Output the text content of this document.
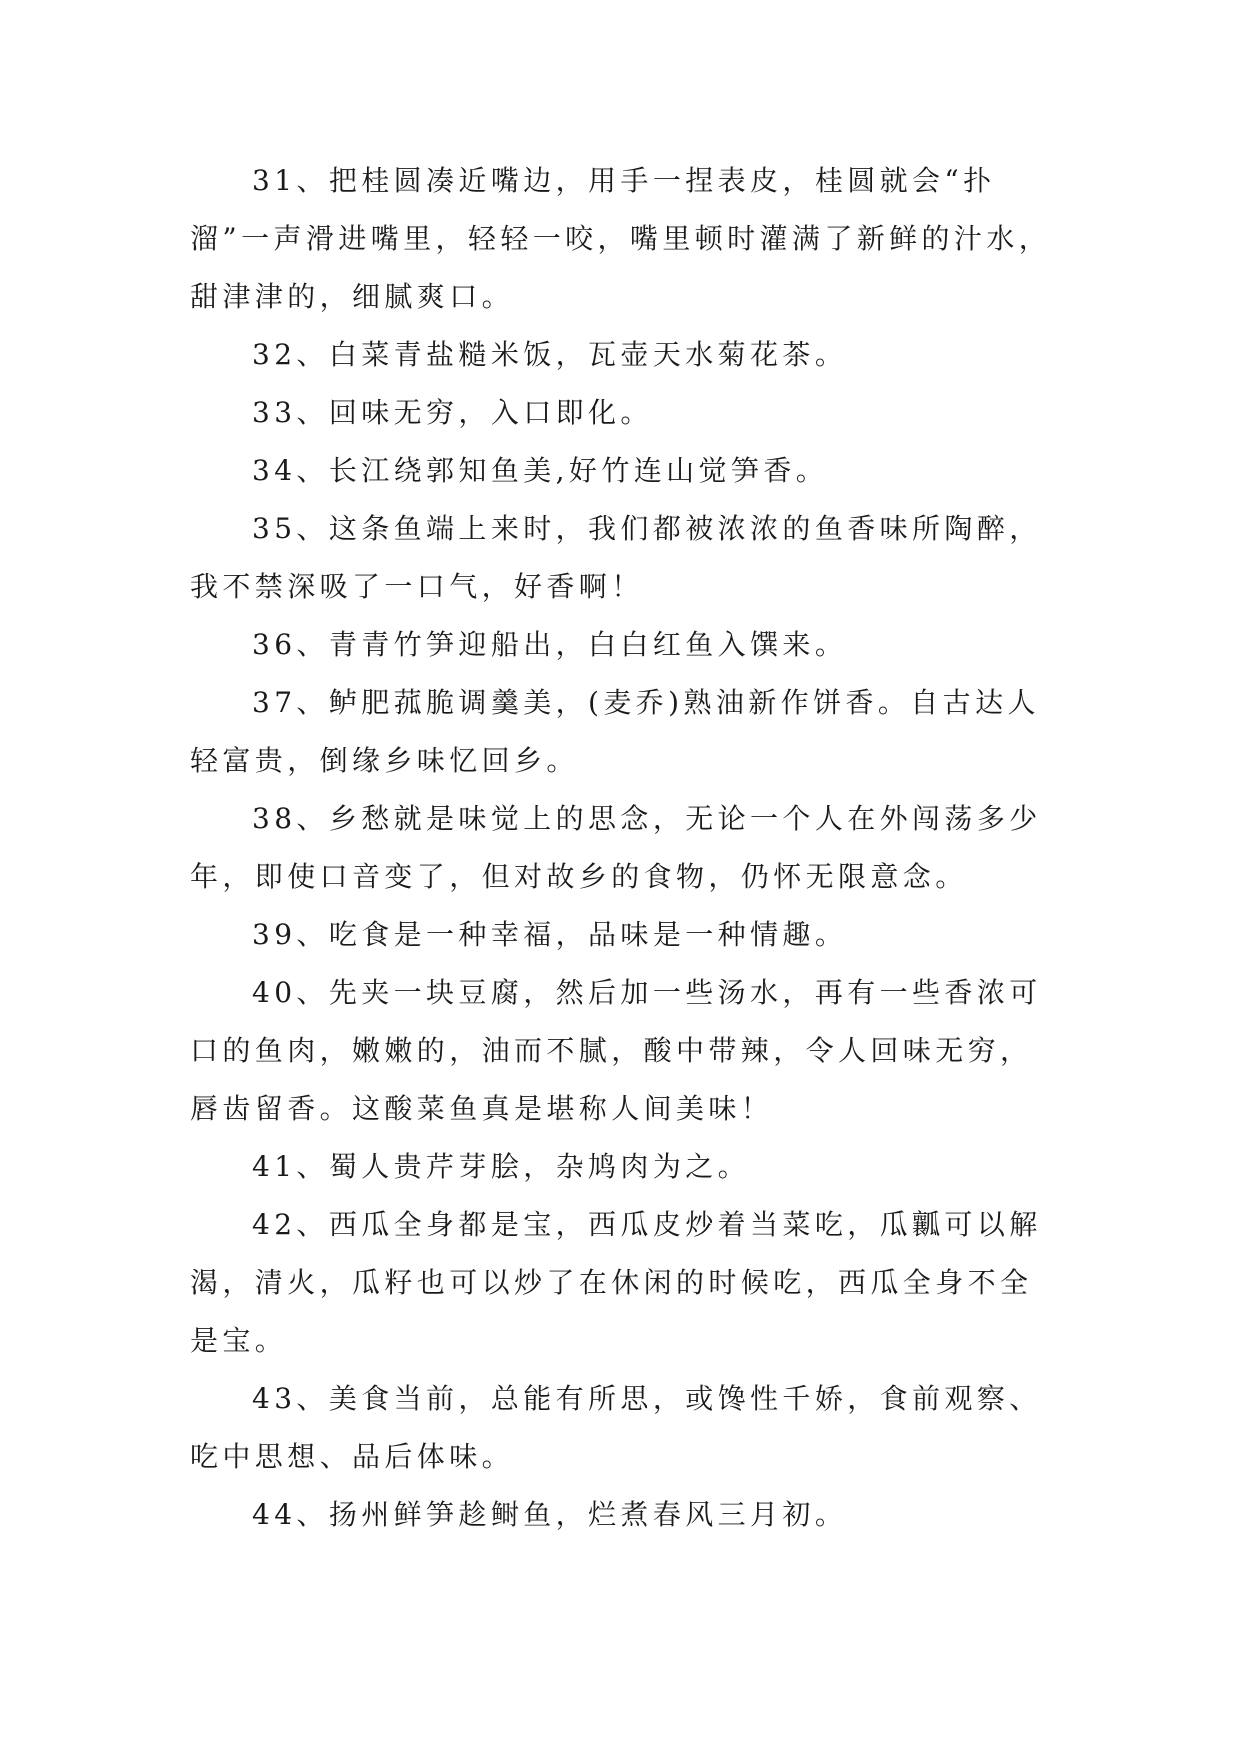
31、把桂圆凑近嘴边，用手一捏表皮，桂圆就会“扑溜”一声滑进嘴里，轻轻一咬，嘴里顿时灌满了新鲜的汁水，甜津津的，细腻爽口。

32、白菜青盐糙米饭，瓦壶天水菊花茶。

33、回味无穷，入口即化。

34、长江绕郭知鱼美,好竹连山觉笋香。

35、这条鱼端上来时，我们都被浓浓的鱼香味所陶醉，我不禁深吸了一口气，好香啊！

36、青青竹笋迎船出，白白红鱼入馔来。

37、鲈肥菰脆调羹美，(麦乔)熟油新作饼香。自古达人轻富贵，倒缘乡味忆回乡。

38、乡愁就是味觉上的思念，无论一个人在外闯荡多少年，即使口音变了，但对故乡的食物，仍怀无限意念。

39、吃食是一种幸福，品味是一种情趣。

40、先夹一块豆腐，然后加一些汤水，再有一些香浓可口的鱼肉，嫩嫩的，油而不腻，酸中带辣，令人回味无穷，唇齿留香。这酸菜鱼真是堪称人间美味！

41、蜀人贵芹芽脍，杂鸠肉为之。

42、西瓜全身都是宝，西瓜皮炒着当菜吃，瓜瓤可以解渴，清火，瓜籽也可以炒了在休闲的时候吃，西瓜全身不全是宝。

43、美食当前，总能有所思，或馋性千娇，食前观察、吃中思想、品后体味。

44、扬州鲜笋趁鲥鱼，烂煮春风三月初。
